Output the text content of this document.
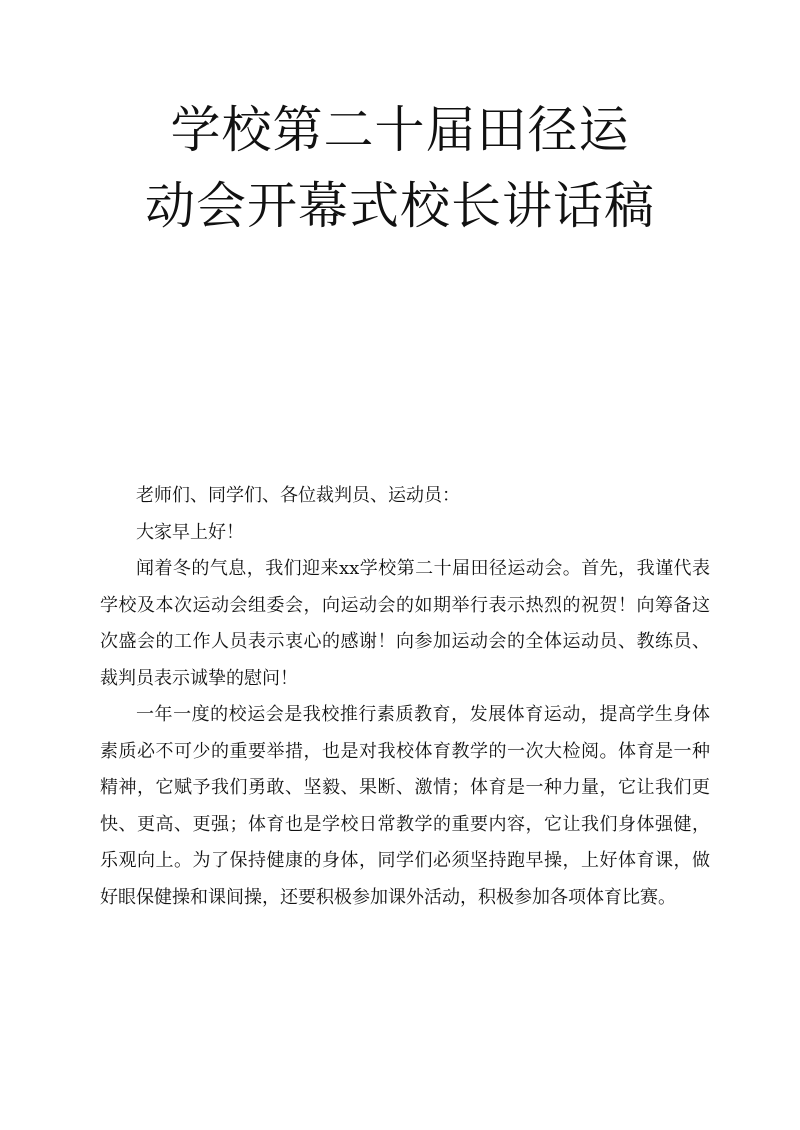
学校第二十届田径运
动会开幕式校长讲话稿

老师们、同学们、各位裁判员、运动员：

大家早上好！

闻着冬的气息，我们迎来xx学校第二十届田径运动会。首先，我谨代表学校及本次运动会组委会，向运动会的如期举行表示热烈的祝贺！向筹备这次盛会的工作人员表示衷心的感谢！向参加运动会的全体运动员、教练员、裁判员表示诚挚的慰问！

一年一度的校运会是我校推行素质教育，发展体育运动，提高学生身体素质必不可少的重要举措，也是对我校体育教学的一次大检阅。体育是一种精神，它赋予我们勇敢、坚毅、果断、激情；体育是一种力量，它让我们更快、更高、更强；体育也是学校日常教学的重要内容，它让我们身体强健，乐观向上。为了保持健康的身体，同学们必须坚持跑早操，上好体育课，做好眼保健操和课间操，还要积极参加课外活动，积极参加各项体育比赛。
